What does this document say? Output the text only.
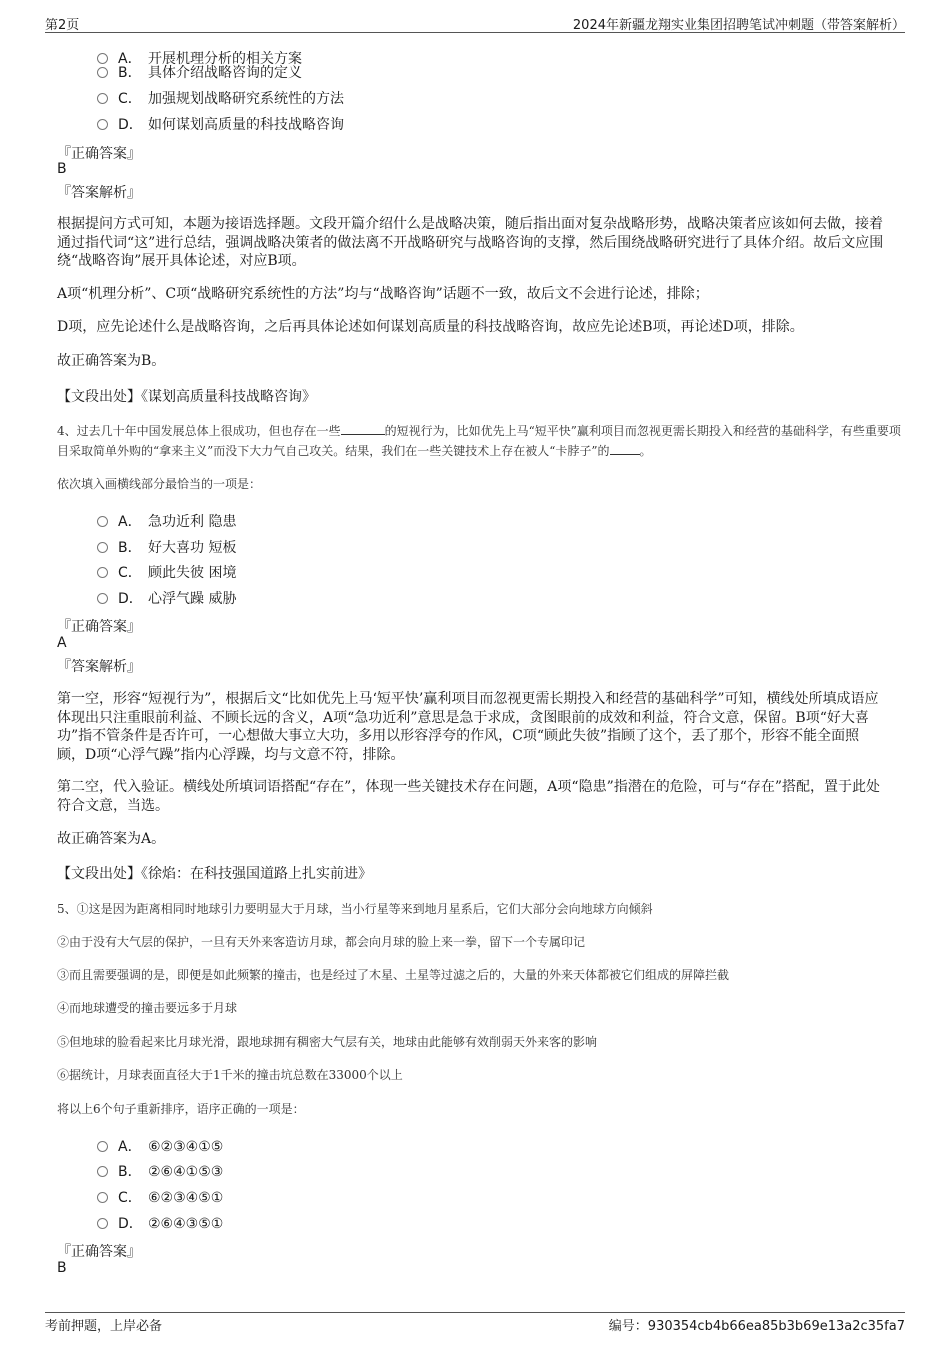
第2页	2024年新疆龙翔实业集团招聘笔试冲刺题（带答案解析）
A． 开展机理分析的相关方案
B． 具体介绍战略咨询的定义
C． 加强规划战略研究系统性的方法
D． 如何谋划高质量的科技战略咨询
『正确答案』
B
『答案解析』
根据提问方式可知，本题为接语选择题。文段开篇介绍什么是战略决策，随后指出面对复杂战略形势，战略决策者应该如何去做，接着通过指代词“这”进行总结，强调战略决策者的做法离不开战略研究与战略咨询的支撑，然后围绕战略研究进行了具体介绍。故后文应围绕“战略咨询”展开具体论述，对应B项。
A项“机理分析”、C项“战略研究系统性的方法”均与“战略咨询”话题不一致，故后文不会进行论述，排除；
D项，应先论述什么是战略咨询，之后再具体论述如何谋划高质量的科技战略咨询，故应先论述B项，再论述D项，排除。
故正确答案为B。
【文段出处】《谋划高质量科技战略咨询》
4、过去几十年中国发展总体上很成功，但也存在一些	的短视行为，比如优先上马“短平快”赢利项目而忽视更需长期投入和经营的基础科学，有些重要项目采取简单外购的“拿来主义”而没下大力气自己攻关。结果，我们在一些关键技术上存在被人“卡脖子”的	。
依次填入画横线部分最恰当的一项是：
A． 急功近利 隐患
B． 好大喜功 短板
C． 顾此失彼 困境
D． 心浮气躁 威胁
『正确答案』
A
『答案解析』
第一空，形容“短视行为”，根据后文“比如优先上马‘短平快’赢利项目而忽视更需长期投入和经营的基础科学”可知，横线处所填成语应体现出只注重眼前利益、不顾长远的含义，A项“急功近利”意思是急于求成，贪图眼前的成效和利益，符合文意，保留。B项“好大喜功”指不管条件是否许可，一心想做大事立大功，多用以形容浮夸的作风，C项“顾此失彼”指顾了这个，丢了那个，形容不能全面照顾，D项“心浮气躁”指内心浮躁，均与文意不符，排除。
第二空，代入验证。横线处所填词语搭配“存在”，体现一些关键技术存在问题，A项“隐患”指潜在的危险，可与“存在”搭配，置于此处符合文意，当选。
故正确答案为A。
【文段出处】《徐焰：在科技强国道路上扎实前进》
5、①这是因为距离相同时地球引力要明显大于月球，当小行星等来到地月星系后，它们大部分会向地球方向倾斜
②由于没有大气层的保护，一旦有天外来客造访月球，都会向月球的脸上来一拳，留下一个专属印记
③而且需要强调的是，即便是如此频繁的撞击，也是经过了木星、土星等过滤之后的，大量的外来天体都被它们组成的屏障拦截
④而地球遭受的撞击要远多于月球
⑤但地球的脸看起来比月球光滑，跟地球拥有稠密大气层有关，地球由此能够有效削弱天外来客的影响
⑥据统计，月球表面直径大于1千米的撞击坑总数在33000个以上
将以上6个句子重新排序，语序正确的一项是：
A． ⑥②③④①⑤
B． ②⑥④①⑤③
C． ⑥②③④⑤①
D． ②⑥④③⑤①
『正确答案』
B
考前押题，上岸必备	编号：930354cb4b66ea85b3b69e13a2c35fa7
